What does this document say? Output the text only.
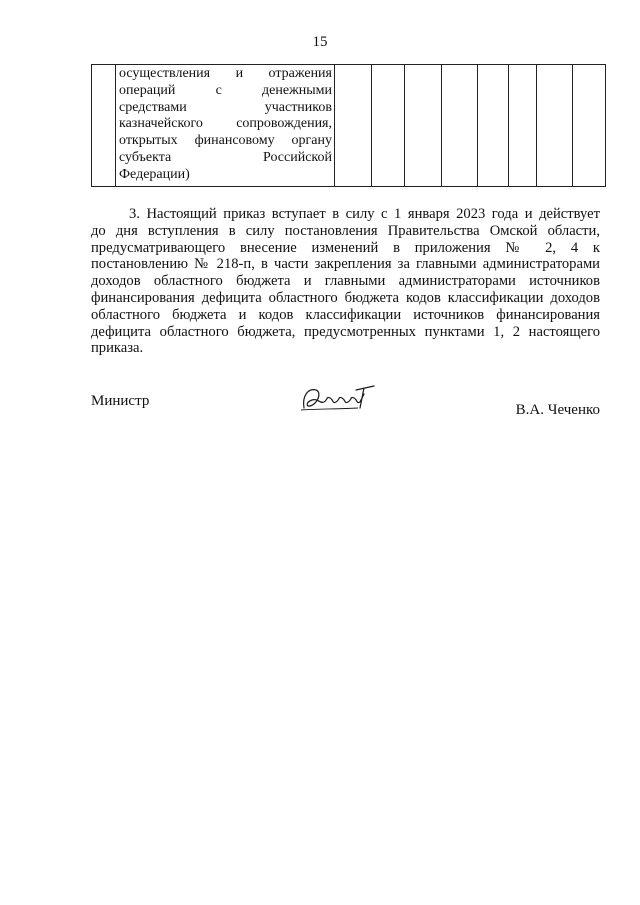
15

осуществления и отражения
операций с денежными
средствами участников
казначейского сопровождения,
открытых финансовому органу
субъекта Российской
Федерации)

3. Настоящий приказ вступает в силу с 1 января 2023 года и действует
до дня вступления в силу постановления Правительства Омской области,
предусматривающего внесение изменений в приложения № 2, 4 к
постановлению № 218-п, в части закрепления за главными администраторами
доходов областного бюджета и главными администраторами источников
финансирования дефицита областного бюджета кодов классификации доходов
областного бюджета и кодов классификации источников финансирования
дефицита областного бюджета, предусмотренных пунктами 1, 2 настоящего
приказа.
Министр
В.А. Чеченко
